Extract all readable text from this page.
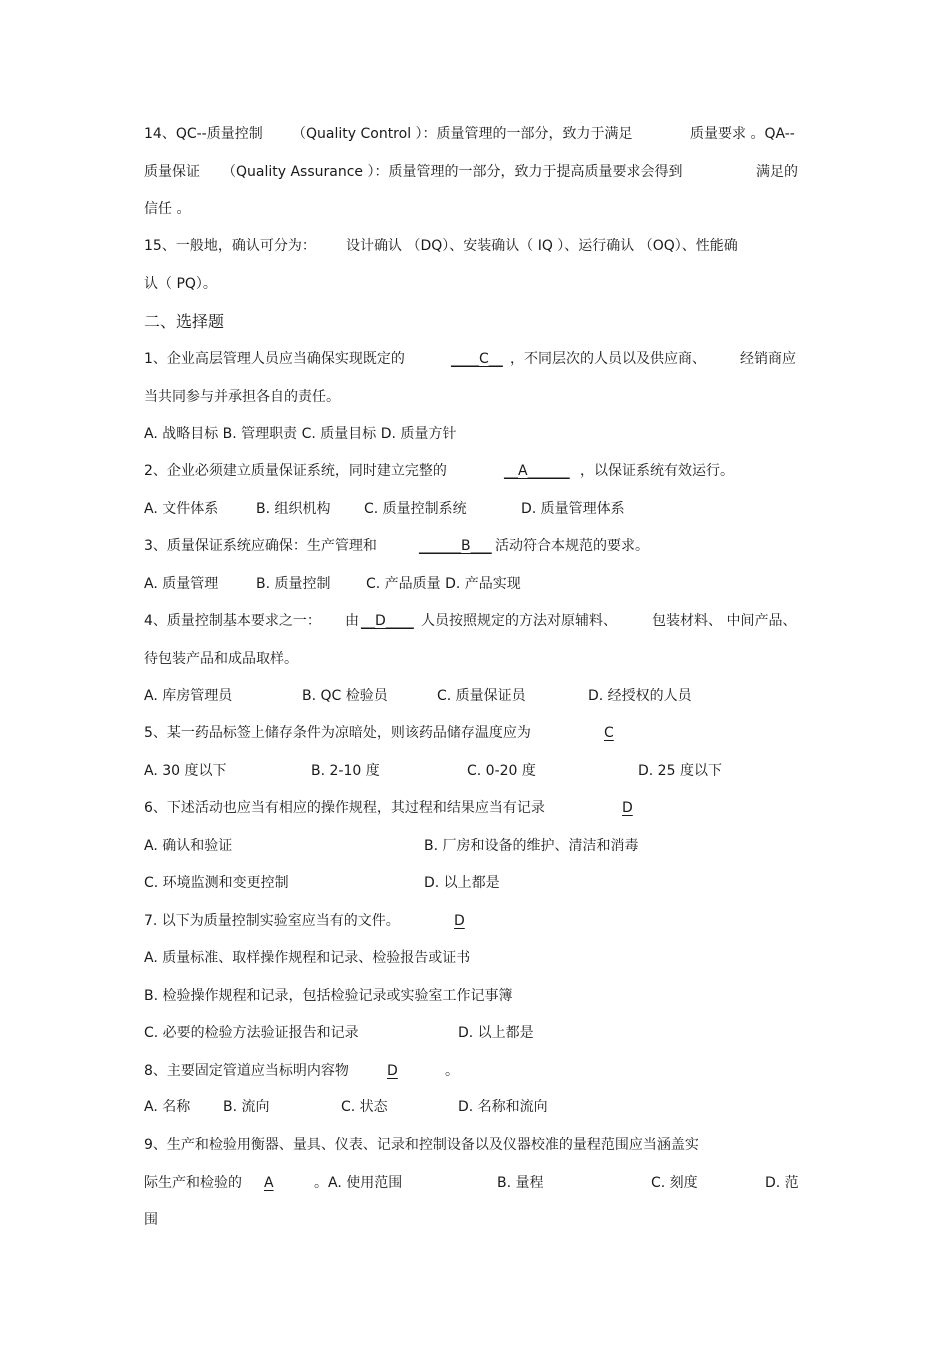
14、QC--质量控制 （Quality Control ）：质量管理的一部分，致力于满足	质量要求 。QA--
质量保证 （Quality Assurance ）：质量管理的一部分，致力于提高质量要求会得到	满足的
信任 。
15、一般地，确认可分为： 设计确认 （DQ）、安装确认（ IQ ）、运行确认 （OQ）、性能确
认（ PQ）。
二、选择题
1、企业高层管理人员应当确保实现既定的	____C__ ，不同层次的人员以及供应商、 经销商应
当共同参与并承担各自的责任。
A. 战略目标 B. 管理职责 C. 质量目标 D. 质量方针
2、企业必须建立质量保证系统，同时建立完整的	__A______ ，以保证系统有效运行。
A. 文件体系	B. 组织机构 C. 质量控制系统	D. 质量管理体系
3、质量保证系统应确保：生产管理和	______B___ 活动符合本规范的要求。
A. 质量管理	B. 质量控制	C. 产品质量 D. 产品实现
4、质量控制基本要求之一： 由 __D____ 人员按照规定的方法对原辅料、	包装材料、 中间产品、
待包装产品和成品取样。
A. 库房管理员	B. QC 检验员	C. 质量保证员	D. 经授权的人员
5、某一药品标签上储存条件为凉暗处，则该药品储存温度应为	C
A. 30 度以下	B. 2-10 度	C. 0-20 度	D. 25 度以下
6、下述活动也应当有相应的操作规程，其过程和结果应当有记录	D
A. 确认和验证	B. 厂房和设备的维护、清洁和消毒
C. 环境监测和变更控制	D. 以上都是
7. 以下为质量控制实验室应当有的文件。	D
A. 质量标准、取样操作规程和记录、检验报告或证书
B. 检验操作规程和记录，包括检验记录或实验室工作记事簿
C. 必要的检验方法验证报告和记录	D. 以上都是
8、主要固定管道应当标明内容物	D	。
A. 名称 B. 流向	C. 状态	D. 名称和流向
9、生产和检验用衡器、量具、仪表、记录和控制设备以及仪器校准的量程范围应当涵盖实
际生产和检验的 A	。A. 使用范围	B. 量程	C. 刻度	D. 范
围
